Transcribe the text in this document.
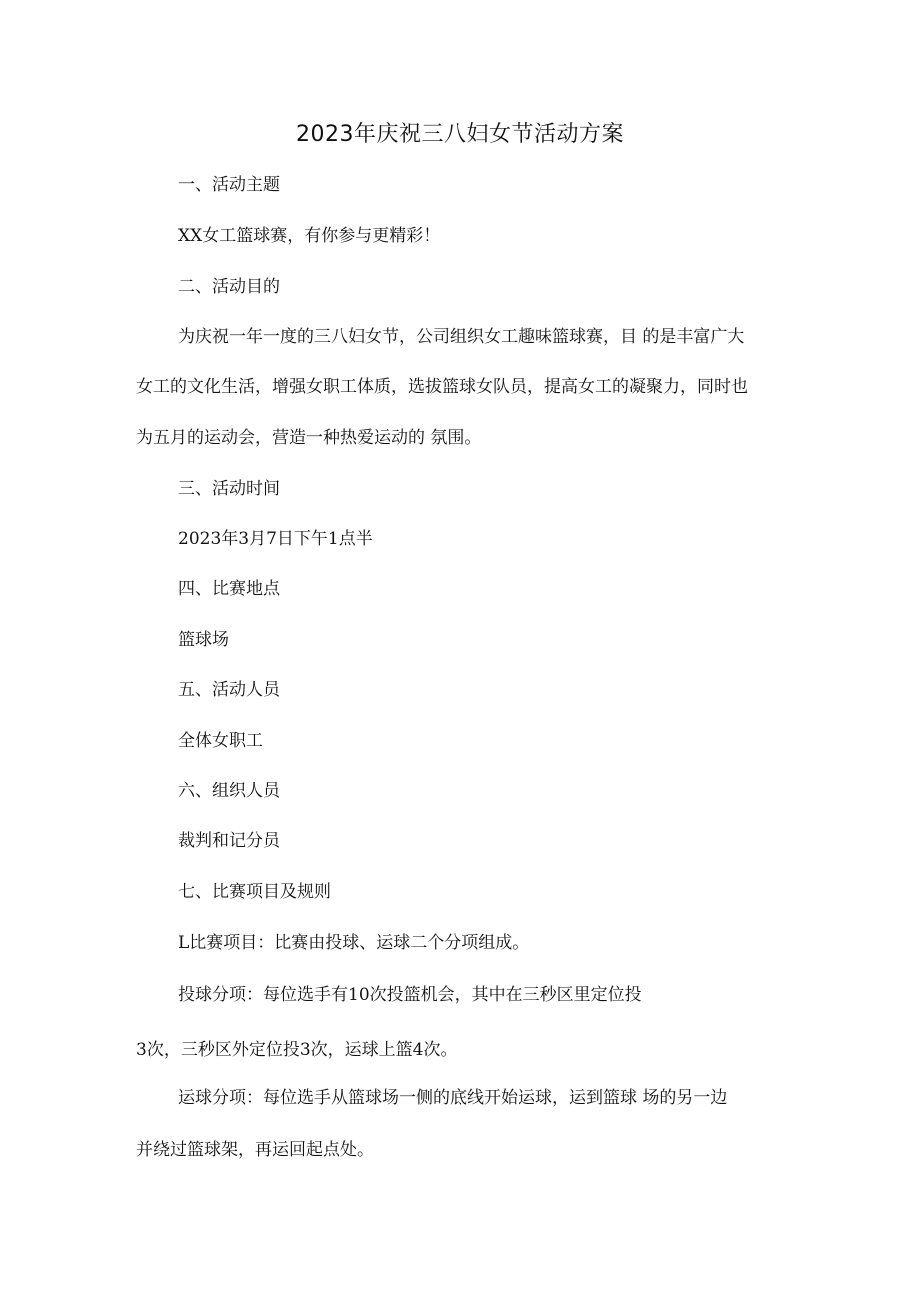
2023年庆祝三八妇女节活动方案

一、活动主题

XX女工篮球赛，有你参与更精彩！

二、活动目的

为庆祝一年一度的三八妇女节，公司组织女工趣味篮球赛，目 的是丰富广大

女工的文化生活，增强女职工体质，选拔篮球女队员，提高女工的凝聚力，同时也

为五月的运动会，营造一种热爱运动的 氛围。

三、活动时间

2023年3月7日下午1点半

四、比赛地点

篮球场

五、活动人员

全体女职工

六、组织人员

裁判和记分员

七、比赛项目及规则

L比赛项目：比赛由投球、运球二个分项组成。

投球分项：每位选手有10次投篮机会，其中在三秒区里定位投

3次，三秒区外定位投3次，运球上篮4次。

运球分项：每位选手从篮球场一侧的底线开始运球，运到篮球 场的另一边

并绕过篮球架，再运回起点处。
